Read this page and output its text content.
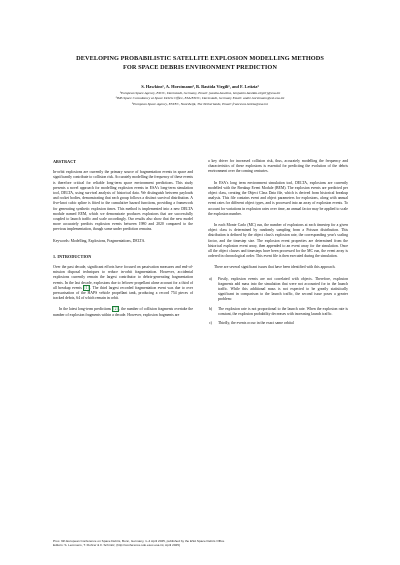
DEVELOPING PROBABILISTIC SATELLITE EXPLOSION MODELLING METHODS
FOR SPACE DEBRIS ENVIRONMENT PREDICTION
S. Hawkins¹, A. Horstmann², B. Bastida Virgili¹, and F. Letizia³
¹European Space Agency, ESOC, Darmstadt, Germany, Email: {saskia.hawkins, benjamin.bastida.virgili}@esa.int
²IMS Space Consultancy at Space Debris Office, ESA/ESOC, Darmstadt, Germany Email: andre.horstmann@ext.esa.int
³European Space Agency, ESTEC, Noordwijk, The Netherlands, Email: francesca.letizia@esa.int
ABSTRACT

In-orbit explosions are currently the primary source of fragmentation events in space and significantly contribute to collision risk. Accurately modelling the frequency of these events is therefore critical for reliable long-term space environment predictions. This study presents a novel approach for modelling explosion events in ESA's long-term simulation tool, DELTA, using survival analysis of historical data. We distinguish between payloads and rocket bodies, demonstrating that each group follows a distinct survival distribution. A five-knot cubic spline is fitted to the cumulative hazard functions, providing a framework for generating synthetic explosion times. This method is implemented into a new DELTA module named EEM, which we demonstrate produces explosions that are successfully coupled to launch traffic and scale accordingly. Our results also show that the new model more accurately predicts explosion events between 1980 and 2020 compared to the previous implementation, though some under prediction remains.

Keywords: Modelling, Explosions, Fragmentations, DELTA.

1. INTRODUCTION

Over the past decade, significant efforts have focused on passivation measures and end-of-mission disposal techniques to reduce in-orbit fragmentation. However, accidental explosions currently remain the largest contributor to debris-generating fragmentation events. In the last decade, explosions due to leftover propellant alone account for a third of all breakup events [1]. The third largest recorded fragmentation event was due to over pressurisation of the HAPS vehicle propellant tank, producing a record 754 pieces of tracked debris, 64 of which remain in orbit.

In the latest long-term predictions [2], the number of collision fragments overtake the number of explosion fragments within a decade. However, explosion fragments are

a key driver for increased collision risk, thus, accurately modelling the frequency and characteristics of these explosions is essential for predicting the evolution of the debris environment over the coming centuries.

In ESA's long term environment simulation tool, DELTA, explosions are currently modelled with the Breakup Event Module (BEM). The explosion events are predicted per object class, creating the Object Class Data file, which is derived from historical breakup analysis. This file contains event and object parameters for explosions, along with annual event rates for different object types, and is processed into an array of explosion events. To account for variations in explosion rates over time, an annual factor may be applied to scale the explosion number.

In each Monte Carlo (MC) run, the number of explosions at each timestep for a given object class is determined by randomly sampling from a Poisson distribution. This distribution is defined by the object class's explosion rate, the corresponding year's scaling factor, and the timestep size. The explosion event properties are determined from the historical explosion event array, then appended to an event array for the simulation. Once all the object classes and timesteps have been processed for the MC run, the event array is ordered in chronological order. This event file is then executed during the simulation.

There are several significant issues that have been identified with this approach.

a) Firstly, explosion events are not correlated with objects. Therefore, explosion fragments add mass into the simulation that were not accounted for in the launch traffic. While this additional mass is not expected to be greatly statistically significant in comparison to the launch traffic, the second issue poses a greater problem:
b) The explosion rate is not proportional to the launch rate. When the explosion rate is constant, the explosion probability decreases with increasing launch traffic.
c) Thirdly, the events occur in the exact same orbital
Proc. 9th European Conference on Space Debris, Bonn, Germany, 1–4 April 2025, published by the ESA Space Debris Office
Editors: S. Lemmens, T. Flohrer & F. Schmitz, (http://conference.sdo.esoc.esa.int, April 2025)
